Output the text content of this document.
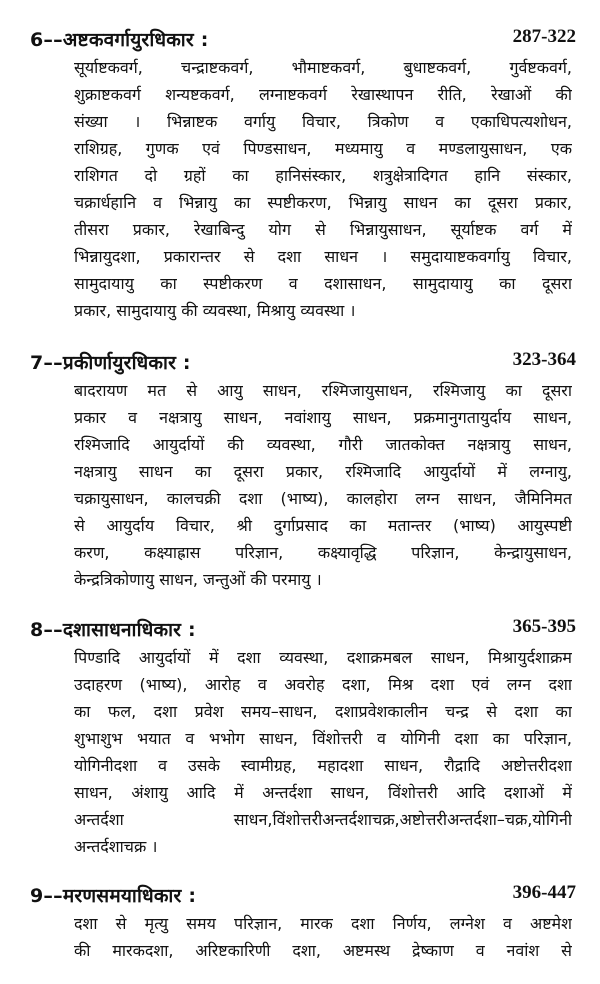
6––अष्टकवर्गायुरधिकार :	287-322
सूर्याष्टकवर्ग, चन्द्राष्टकवर्ग, भौमाष्टकवर्ग, बुधाष्टकवर्ग, गुर्वष्टकवर्ग,
शुक्राष्टकवर्ग शन्यष्टकवर्ग, लग्नाष्टकवर्ग रेखास्थापन रीति, रेखाओं की
संख्या । भिन्नाष्टक वर्गायु विचार, त्रिकोण व एकाधिपत्यशोधन,
राशिग्रह, गुणक एवं पिण्डसाधन, मध्यमायु व मण्डलायुसाधन, एक
राशिगत दो ग्रहों का हानिसंस्कार, शत्रुक्षेत्रादिगत हानि संस्कार,
चक्रार्धहानि व भिन्नायु का स्पष्टीकरण, भिन्नायु साधन का दूसरा प्रकार,
तीसरा प्रकार, रेखाबिन्दु योग से भिन्नायुसाधन, सूर्याष्टक वर्ग में
भिन्नायुदशा, प्रकारान्तर से दशा साधन । समुदायाष्टकवर्गायु विचार,
सामुदायायु का स्पष्टीकरण व दशासाधन, सामुदायायु का दूसरा
प्रकार, सामुदायायु की व्यवस्था, मिश्रायु व्यवस्था ।
7––प्रकीर्णायुरधिकार :	323-364
बादरायण मत से आयु साधन, रश्मिजायुसाधन, रश्मिजायु का दूसरा
प्रकार व नक्षत्रायु साधन, नवांशायु साधन, प्रक्रमानुगतायुर्दाय साधन,
रश्मिजादि आयुर्दायों की व्यवस्था, गौरी जातकोक्त नक्षत्रायु साधन,
नक्षत्रायु साधन का दूसरा प्रकार, रश्मिजादि आयुर्दायों में लग्नायु,
चक्रायुसाधन, कालचक्री दशा (भाष्य), कालहोरा लग्न साधन, जैमिनिमत
से आयुर्दाय विचार, श्री दुर्गाप्रसाद का मतान्तर (भाष्य) आयुस्पष्टी
करण, कक्ष्याह्रास परिज्ञान, कक्ष्यावृद्धि परिज्ञान, केन्द्रायुसाधन,
केन्द्रत्रिकोणायु साधन, जन्तुओं की परमायु ।
8––दशासाधनाधिकार :	365-395
पिण्डादि आयुर्दायों में दशा व्यवस्था, दशाक्रमबल साधन, मिश्रायुर्दशाक्रम
उदाहरण (भाष्य), आरोह व अवरोह दशा, मिश्र दशा एवं लग्न दशा
का फल, दशा प्रवेश समय–साधन, दशाप्रवेशकालीन चन्द्र से दशा का
शुभाशुभ भयात व भभोग साधन, विंशोत्तरी व योगिनी दशा का परिज्ञान,
योगिनीदशा व उसके स्वामीग्रह, महादशा साधन, रौद्रादि अष्टोत्तरीदशा
साधन, अंशायु आदि में अन्तर्दशा साधन, विंशोत्तरी आदि दशाओं में
अन्तर्दशा साधन,विंशोत्तरीअन्तर्दशाचक्र,अष्टोत्तरीअन्तर्दशा–चक्र,योगिनी
अन्तर्दशाचक्र ।
9––मरणसमयाधिकार :	396-447
दशा से मृत्यु समय परिज्ञान, मारक दशा निर्णय, लग्नेश व अष्टमेश
की मारकदशा, अरिष्टकारिणी दशा, अष्टमस्थ द्रेष्काण व नवांश से
